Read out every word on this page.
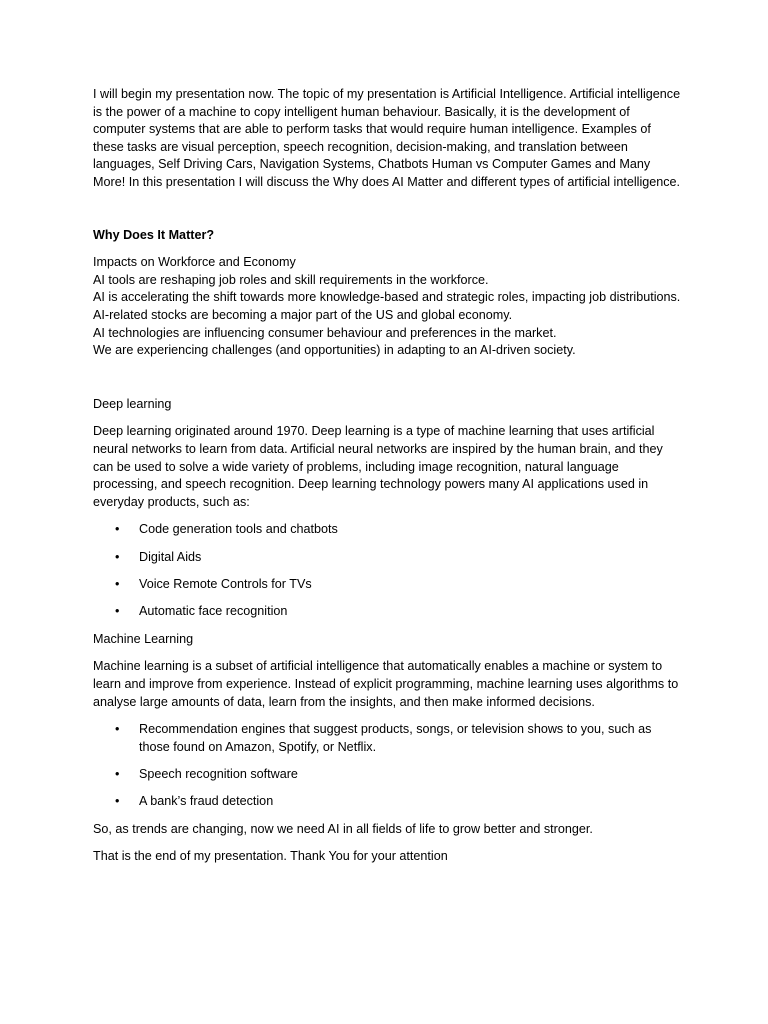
I will begin my presentation now. The topic of my presentation is Artificial Intelligence. Artificial intelligence is the power of a machine to copy intelligent human behaviour. Basically, it is the development of computer systems that are able to perform tasks that would require human intelligence. Examples of these tasks are visual perception, speech recognition, decision-making, and translation between languages, Self Driving Cars, Navigation Systems, Chatbots Human vs Computer Games and Many More! In this presentation I will discuss the Why does AI Matter and different types of artificial intelligence.

Why Does It Matter?

Impacts on Workforce and Economy

AI tools are reshaping job roles and skill requirements in the workforce.

AI is accelerating the shift towards more knowledge-based and strategic roles, impacting job distributions.

AI-related stocks are becoming a major part of the US and global economy.

AI technologies are influencing consumer behaviour and preferences in the market.

We are experiencing challenges (and opportunities) in adapting to an AI-driven society.

Deep learning

Deep learning originated around 1970. Deep learning is a type of machine learning that uses artificial neural networks to learn from data. Artificial neural networks are inspired by the human brain, and they can be used to solve a wide variety of problems, including image recognition, natural language processing, and speech recognition. Deep learning technology powers many AI applications used in everyday products, such as:

• Code generation tools and chatbots
• Digital Aids
• Voice Remote Controls for TVs
• Automatic face recognition

Machine Learning

Machine learning is a subset of artificial intelligence that automatically enables a machine or system to learn and improve from experience. Instead of explicit programming, machine learning uses algorithms to analyse large amounts of data, learn from the insights, and then make informed decisions.

• Recommendation engines that suggest products, songs, or television shows to you, such as those found on Amazon, Spotify, or Netflix.
• Speech recognition software
• A bank’s fraud detection

So, as trends are changing, now we need AI in all fields of life to grow better and stronger.

That is the end of my presentation. Thank You for your attention
